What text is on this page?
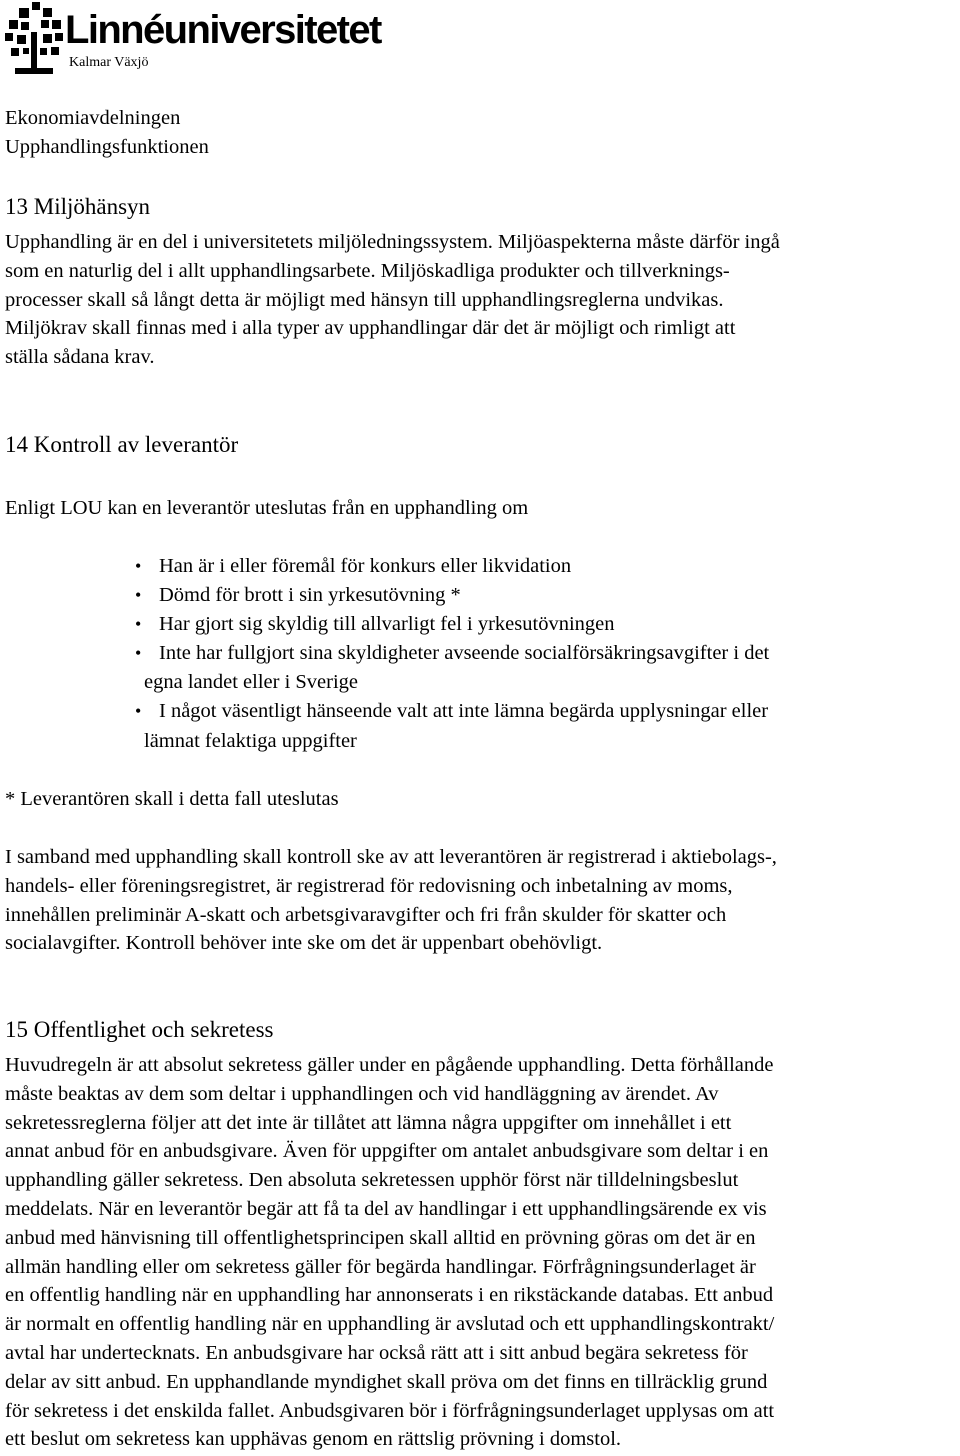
Linnéuniversitetet
Kalmar Växjö
Ekonomiavdelningen
Upphandlingsfunktionen
13 Miljöhänsyn
Upphandling är en del i universitetets miljöledningssystem. Miljöaspekterna måste därför ingå
som en naturlig del i allt upphandlingsarbete. Miljöskadliga produkter och tillverknings-
processer skall så långt detta är möjligt med hänsyn till upphandlingsreglerna undvikas.
Miljökrav skall finnas med i alla typer av upphandlingar där det är möjligt och rimligt att
ställa sådana krav.
14 Kontroll av leverantör
Enligt LOU kan en leverantör uteslutas från en upphandling om
• Han är i eller föremål för konkurs eller likvidation
• Dömd för brott i sin yrkesutövning *
• Har gjort sig skyldig till allvarligt fel i yrkesutövningen
• Inte har fullgjort sina skyldigheter avseende socialförsäkringsavgifter i det
egna landet eller i Sverige
• I något väsentligt hänseende valt att inte lämna begärda upplysningar eller
lämnat felaktiga uppgifter
* Leverantören skall i detta fall uteslutas
I samband med upphandling skall kontroll ske av att leverantören är registrerad i aktiebolags-,
handels- eller föreningsregistret, är registrerad för redovisning och inbetalning av moms,
innehållen preliminär A-skatt och arbetsgivaravgifter och fri från skulder för skatter och
socialavgifter. Kontroll behöver inte ske om det är uppenbart obehövligt.
15 Offentlighet och sekretess
Huvudregeln är att absolut sekretess gäller under en pågående upphandling. Detta förhållande
måste beaktas av dem som deltar i upphandlingen och vid handläggning av ärendet. Av
sekretessreglerna följer att det inte är tillåtet att lämna några uppgifter om innehållet i ett
annat anbud för en anbudsgivare. Även för uppgifter om antalet anbudsgivare som deltar i en
upphandling gäller sekretess. Den absoluta sekretessen upphör först när tilldelningsbeslut
meddelats. När en leverantör begär att få ta del av handlingar i ett upphandlingsärende ex vis
anbud med hänvisning till offentlighetsprincipen skall alltid en prövning göras om det är en
allmän handling eller om sekretess gäller för begärda handlingar. Förfrågningsunderlaget är
en offentlig handling när en upphandling har annonserats i en rikstäckande databas. Ett anbud
är normalt en offentlig handling när en upphandling är avslutad och ett upphandlingskontrakt/
avtal har undertecknats. En anbudsgivare har också rätt att i sitt anbud begära sekretess för
delar av sitt anbud. En upphandlande myndighet skall pröva om det finns en tillräcklig grund
för sekretess i det enskilda fallet. Anbudsgivaren bör i förfrågningsunderlaget upplysas om att
ett beslut om sekretess kan upphävas genom en rättslig prövning i domstol.
